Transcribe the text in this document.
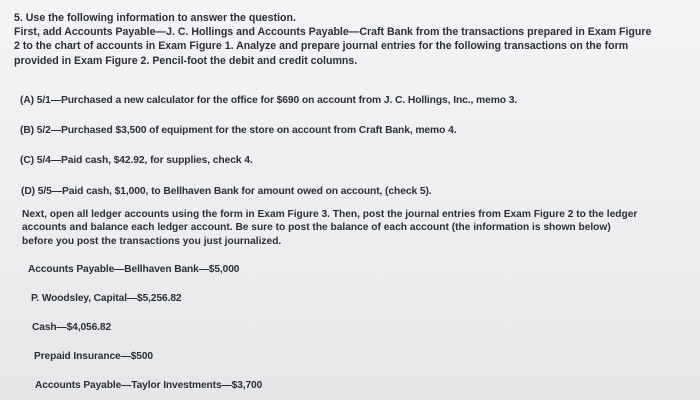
5. Use the following information to answer the question.
First, add Accounts Payable—J. C. Hollings and Accounts Payable—Craft Bank from the transactions prepared in Exam Figure
2 to the chart of accounts in Exam Figure 1. Analyze and prepare journal entries for the following transactions on the form
provided in Exam Figure 2. Pencil-foot the debit and credit columns.
(A) 5/1—Purchased a new calculator for the office for $690 on account from J. C. Hollings, Inc., memo 3.
(B) 5/2—Purchased $3,500 of equipment for the store on account from Craft Bank, memo 4.
(C) 5/4—Paid cash, $42.92, for supplies, check 4.
(D) 5/5—Paid cash, $1,000, to Bellhaven Bank for amount owed on account, (check 5).
Next, open all ledger accounts using the form in Exam Figure 3. Then, post the journal entries from Exam Figure 2 to the ledger
accounts and balance each ledger account. Be sure to post the balance of each account (the information is shown below)
before you post the transactions you just journalized.
Accounts Payable—Bellhaven Bank—$5,000
P. Woodsley, Capital—$5,256.82
Cash—$4,056.82
Prepaid Insurance—$500
Accounts Payable—Taylor Investments—$3,700
